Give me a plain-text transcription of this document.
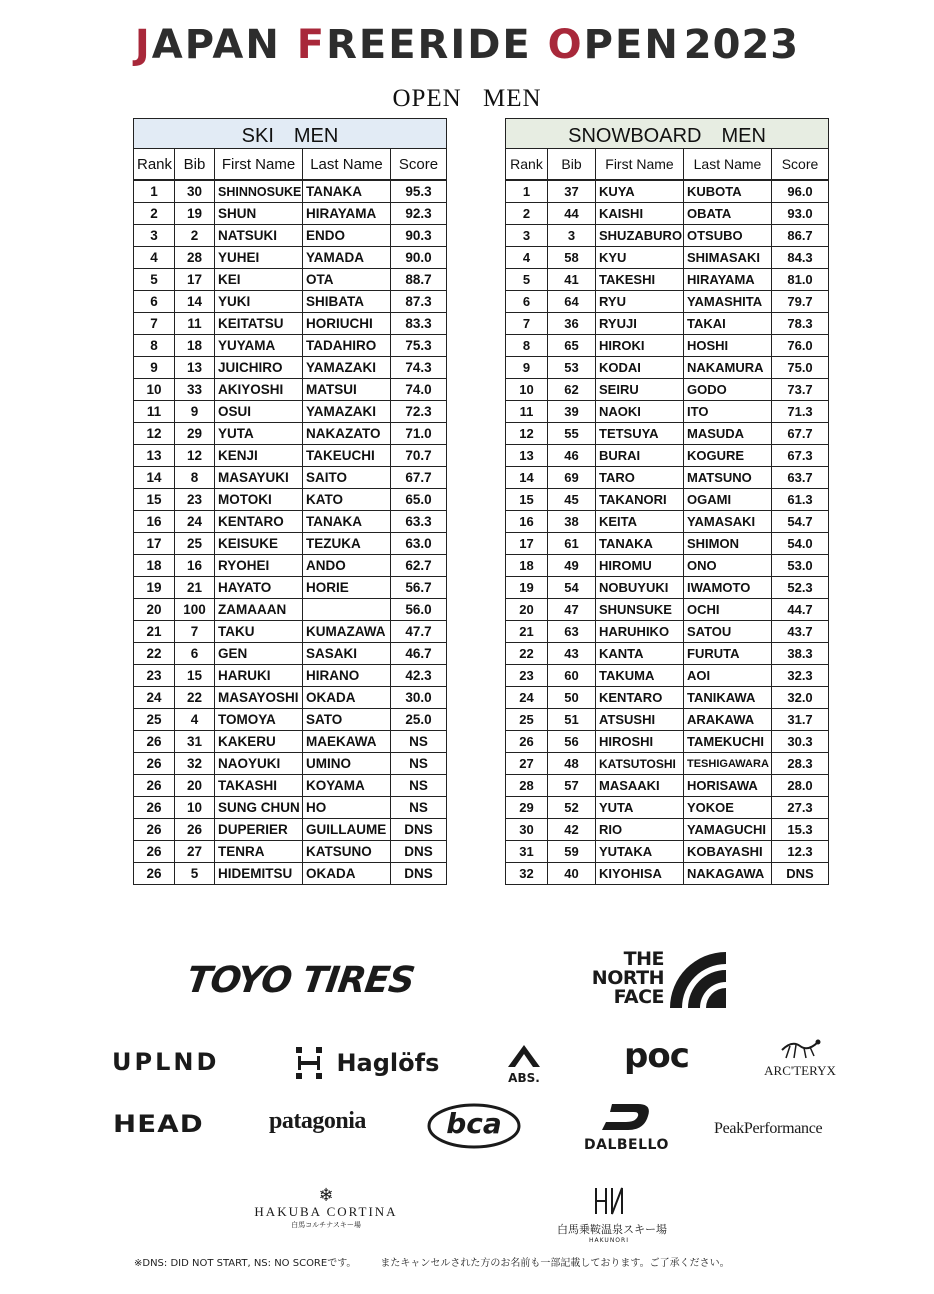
JAPAN FREERIDE OPEN 2023
OPEN MEN
SKI　MEN				
Rank	Bib	First Name	Last Name	Score
1	30	SHINNOSUKE	TANAKA	95.3
2	19	SHUN	HIRAYAMA	92.3
3	2	NATSUKI	ENDO	90.3
4	28	YUHEI	YAMADA	90.0
5	17	KEI	OTA	88.7
6	14	YUKI	SHIBATA	87.3
7	11	KEITATSU	HORIUCHI	83.3
8	18	YUYAMA	TADAHIRO	75.3
9	13	JUICHIRO	YAMAZAKI	74.3
10	33	AKIYOSHI	MATSUI	74.0
11	9	OSUI	YAMAZAKI	72.3
12	29	YUTA	NAKAZATO	71.0
13	12	KENJI	TAKEUCHI	70.7
14	8	MASAYUKI	SAITO	67.7
15	23	MOTOKI	KATO	65.0
16	24	KENTARO	TANAKA	63.3
17	25	KEISUKE	TEZUKA	63.0
18	16	RYOHEI	ANDO	62.7
19	21	HAYATO	HORIE	56.7
20	100	ZAMAAAN		56.0
21	7	TAKU	KUMAZAWA	47.7
22	6	GEN	SASAKI	46.7
23	15	HARUKI	HIRANO	42.3
24	22	MASAYOSHI	OKADA	30.0
25	4	TOMOYA	SATO	25.0
26	31	KAKERU	MAEKAWA	NS
26	32	NAOYUKI	UMINO	NS
26	20	TAKASHI	KOYAMA	NS
26	10	SUNG CHUN	HO	NS
26	26	DUPERIER	GUILLAUME	DNS
26	27	TENRA	KATSUNO	DNS
26	5	HIDEMITSU	OKADA	DNS
SNOWBOARD　MEN				
Rank	Bib	First Name	Last Name	Score
1	37	KUYA	KUBOTA	96.0
2	44	KAISHI	OBATA	93.0
3	3	SHUZABURO	OTSUBO	86.7
4	58	KYU	SHIMASAKI	84.3
5	41	TAKESHI	HIRAYAMA	81.0
6	64	RYU	YAMASHITA	79.7
7	36	RYUJI	TAKAI	78.3
8	65	HIROKI	HOSHI	76.0
9	53	KODAI	NAKAMURA	75.0
10	62	SEIRU	GODO	73.7
11	39	NAOKI	ITO	71.3
12	55	TETSUYA	MASUDA	67.7
13	46	BURAI	KOGURE	67.3
14	69	TARO	MATSUNO	63.7
15	45	TAKANORI	OGAMI	61.3
16	38	KEITA	YAMASAKI	54.7
17	61	TANAKA	SHIMON	54.0
18	49	HIROMU	ONO	53.0
19	54	NOBUYUKI	IWAMOTO	52.3
20	47	SHUNSUKE	OCHI	44.7
21	63	HARUHIKO	SATOU	43.7
22	43	KANTA	FURUTA	38.3
23	60	TAKUMA	AOI	32.3
24	50	KENTARO	TANIKAWA	32.0
25	51	ATSUSHI	ARAKAWA	31.7
26	56	HIROSHI	TAMEKUCHI	30.3
27	48	KATSUTOSHI	TESHIGAWARA	28.3
28	57	MASAAKI	HORISAWA	28.0
29	52	YUTA	YOKOE	27.3
30	42	RIO	YAMAGUCHI	15.3
31	59	YUTAKA	KOBAYASHI	12.3
32	40	KIYOHISA	NAKAGAWA	DNS
TOYO TIRES
THE
NORTH
FACE
UPLND	Haglöfs
ABS.
poc	ARC'TERYX
HEAD	patagonia	bca
DALBELLO
PeakPerformance
❄
HAKUBA CORTINA
白馬コルチナスキー場	白馬乗鞍温泉スキー場
HAKUNORI
※DNS: DID NOT START, NS: NO SCOREです。 またキャンセルされた方のお名前も一部記載しております。ご了承ください。
